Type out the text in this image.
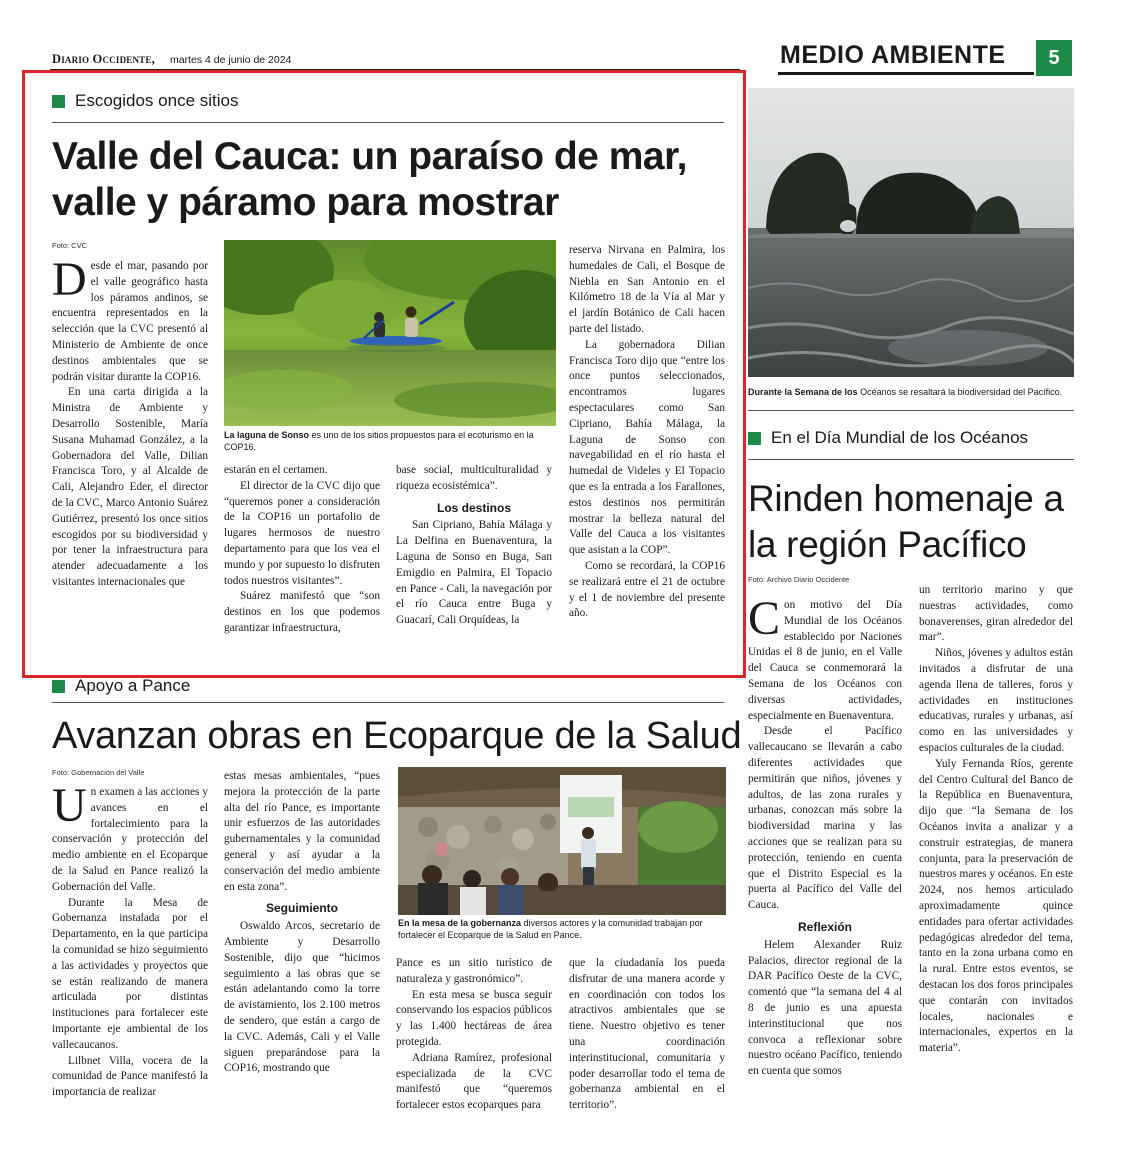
Diario Occidente, martes 4 de junio de 2024	MEDIO AMBIENTE	5
Escogidos once sitios
Valle del Cauca: un paraíso de mar, valle y páramo para mostrar
Foto: CVC
La laguna de Sonso es uno de los sitios propuestos para el ecoturismo en la COP16.

Desde el mar, pasando por el valle geográfico hasta los páramos andinos, se encuentra representados en la selección que la CVC presentó al Ministerio de Ambiente de once destinos ambientales que se podrán visitar durante la COP16.

En una carta dirigida a la Ministra de Ambiente y Desarrollo Sostenible, María Susana Muhamad González, a la Gobernadora del Valle, Dilian Francisca Toro, y al Alcalde de Cali, Alejandro Eder, el director de la CVC, Marco Antonio Suárez Gutiérrez, presentó los once sitios escogidos por su biodiversidad y por tener la infraestructura para atender adecuadamente a los visitantes internacionales que

estarán en el certamen.

El director de la CVC dijo que “queremos poner a consideración de la COP16 un portafolio de lugares hermosos de nuestro departamento para que los vea el mundo y por supuesto lo disfruten todos nuestros visitantes”.

Suárez manifestó que “son destinos en los que podemos garantizar infraestructura,

base social, multiculturalidad y riqueza ecosistémica”.

Los destinos

San Cipriano, Bahía Málaga y La Delfina en Buenaventura, la Laguna de Sonso en Buga, San Emigdio en Palmira, El Topacio en Pance - Cali, la navegación por el río Cauca entre Buga y Guacarí, Cali Orquídeas, la

reserva Nirvana en Palmira, los humedales de Cali, el Bosque de Niebla en San Antonio en el Kilómetro 18 de la Vía al Mar y el jardín Botánico de Cali hacen parte del listado.

La gobernadora Dilian Francisca Toro dijo que “entre los once puntos seleccionados, encontramos lugares espectaculares como San Cipriano, Bahía Málaga, la Laguna de Sonso con navegabilidad en el río hasta el humedal de Videles y El Topacio que es la entrada a los Farallones, estos destinos nos permitirán mostrar la belleza natural del Valle del Cauca a los visitantes que asistan a la COP”.

Como se recordará, la COP16 se realizará entre el 21 de octubre y el 1 de noviembre del presente año.

Durante la Semana de los Océanos se resaltará la biodiversidad del Pacífico.
En el Día Mundial de los Océanos
Rinden homenaje a la región Pacífico
Foto: Archivo Diario Occidente

Con motivo del Día Mundial de los Océanos establecido por Naciones Unidas el 8 de junio, en el Valle del Cauca se conmemorará la Semana de los Océanos con diversas actividades, especialmente en Buenaventura.

Desde el Pacífico vallecaucano se llevarán a cabo diferentes actividades que permitirán que niños, jóvenes y adultos, de las zona rurales y urbanas, conozcan más sobre la biodiversidad marina y las acciones que se realizan para su protección, teniendo en cuenta que el Distrito Especial es la puerta al Pacífico del Valle del Cauca.

Reflexión

Helem Alexander Ruiz Palacios, director regional de la DAR Pacífico Oeste de la CVC, comentó que “la semana del 4 al 8 de junio es una apuesta interinstitucional que nos convoca a reflexionar sobre nuestro océano Pacífico, teniendo en cuenta que somos

un territorio marino y que nuestras actividades, como bonaverenses, giran alrededor del mar”.

Niños, jóvenes y adultos están invitados a disfrutar de una agenda llena de talleres, foros y actividades en instituciones educativas, rurales y urbanas, así como en las universidades y espacios culturales de la ciudad.

Yuly Fernanda Ríos, gerente del Centro Cultural del Banco de la República en Buenaventura, dijo que “la Semana de los Océanos invita a analizar y a construir estrategias, de manera conjunta, para la preservación de nuestros mares y océanos. En este 2024, nos hemos articulado aproximadamente quince entidades para ofertar actividades pedagógicas alrededor del tema, tanto en la zona urbana como en la rural. Entre estos eventos, se destacan los dos foros principales que contarán con invitados locales, nacionales e internacionales, expertos en la materia”.

Apoyo a Pance
Avanzan obras en Ecoparque de la Salud
Foto: Gobernación del Valle
En la mesa de la gobernanza diversos actores y la comunidad trabajan por fortalecer el Ecoparque de la Salud en Pance.

Un examen a las acciones y avances en el fortalecimiento para la conservación y protección del medio ambiente en el Ecoparque de la Salud en Pance realizó la Gobernación del Valle.

Durante la Mesa de Gobernanza instalada por el Departamento, en la que participa la comunidad se hizo seguimiento a las actividades y proyectos que se están realizando de manera articulada por distintas instituciones para fortalecer este importante eje ambiental de los vallecaucanos.

Lilbnet Villa, vocera de la comunidad de Pance manifestó la importancia de realizar

estas mesas ambientales, “pues mejora la protección de la parte alta del río Pance, es importante unir esfuerzos de las autoridades gubernamentales y la comunidad general y así ayudar a la conservación del medio ambiente en esta zona”.

Seguimiento

Oswaldo Arcos, secretario de Ambiente y Desarrollo Sostenible, dijo que “hicimos seguimiento a las obras que se están adelantando como la torre de avistamiento, los 2.100 metros de sendero, que están a cargo de la CVC. Además, Cali y el Valle siguen preparándose para la COP16, mostrando que

Pance es un sitio turístico de naturaleza y gastronómico”.

En esta mesa se busca seguir conservando los espacios públicos y las 1.400 hectáreas de área protegida.

Adriana Ramírez, profesional especializada de la CVC manifestó que “queremos fortalecer estos ecoparques para

que la ciudadanía los pueda disfrutar de una manera acorde y en coordinación con todos los atractivos ambientales que se tiene. Nuestro objetivo es tener una coordinación interinstitucional, comunitaria y poder desarrollar todo el tema de gobernanza ambiental en el territorio”.
